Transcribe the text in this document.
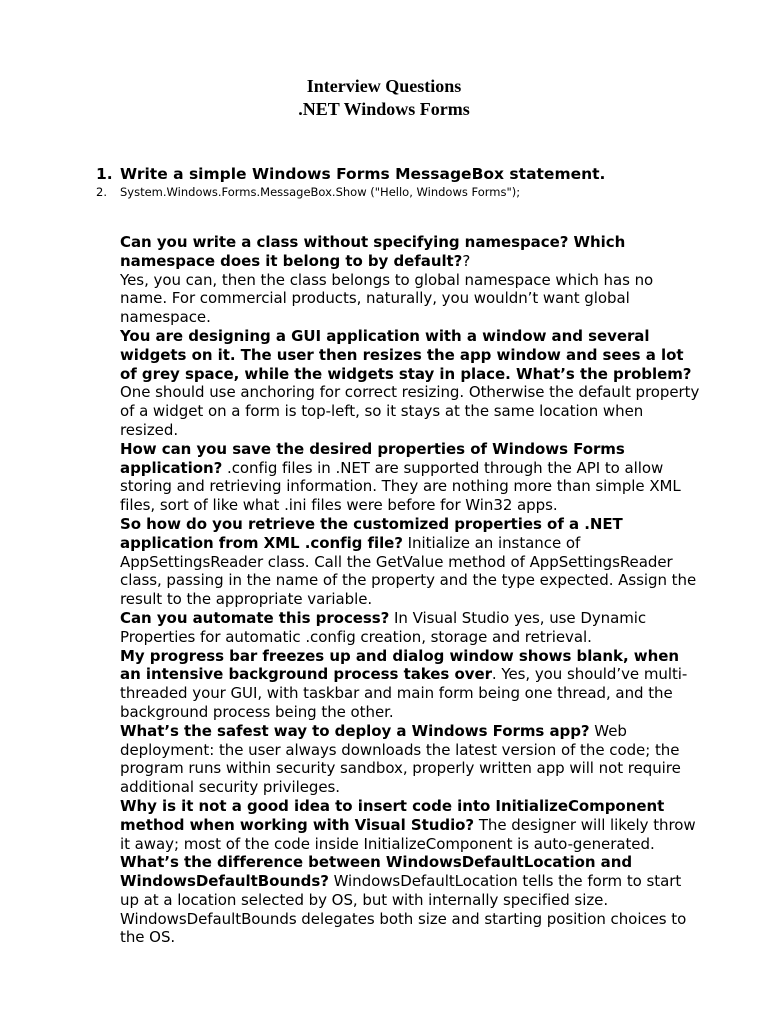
Interview Questions
.NET Windows Forms
1. Write a simple Windows Forms MessageBox statement.
2.	System.Windows.Forms.MessageBox.Show ("Hello, Windows Forms");

Can you write a class without specifying namespace? Which namespace does it belong to by default??
Yes, you can, then the class belongs to global namespace which has no name. For commercial products, naturally, you wouldn’t want global namespace.

You are designing a GUI application with a window and several widgets on it. The user then resizes the app window and sees a lot of grey space, while the widgets stay in place. What’s the problem? One should use anchoring for correct resizing. Otherwise the default property of a widget on a form is top-left, so it stays at the same location when resized.

How can you save the desired properties of Windows Forms application? .config files in .NET are supported through the API to allow storing and retrieving information. They are nothing more than simple XML files, sort of like what .ini files were before for Win32 apps.

So how do you retrieve the customized properties of a .NET application from XML .config file? Initialize an instance of AppSettingsReader class. Call the GetValue method of AppSettingsReader class, passing in the name of the property and the type expected. Assign the result to the appropriate variable.

Can you automate this process? In Visual Studio yes, use Dynamic Properties for automatic .config creation, storage and retrieval.

My progress bar freezes up and dialog window shows blank, when an intensive background process takes over. Yes, you should’ve multi-threaded your GUI, with taskbar and main form being one thread, and the background process being the other.

What’s the safest way to deploy a Windows Forms app? Web deployment: the user always downloads the latest version of the code; the program runs within security sandbox, properly written app will not require additional security privileges.

Why is it not a good idea to insert code into InitializeComponent method when working with Visual Studio? The designer will likely throw it away; most of the code inside InitializeComponent is auto-generated.

What’s the difference between WindowsDefaultLocation and WindowsDefaultBounds? WindowsDefaultLocation tells the form to start up at a location selected by OS, but with internally specified size. WindowsDefaultBounds delegates both size and starting position choices to the OS.
